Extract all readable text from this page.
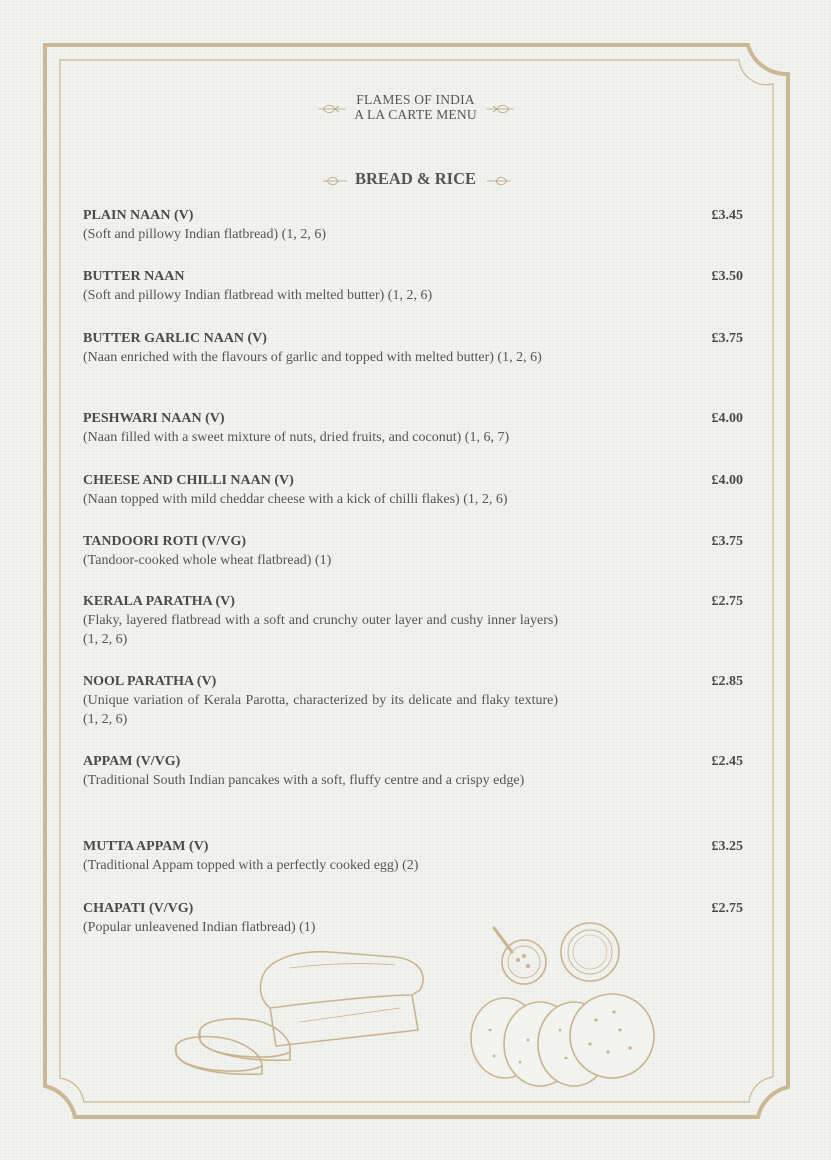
FLAMES OF INDIA
A LA CARTE MENU
BREAD & RICE
PLAIN NAAN (V)
(Soft and pillowy Indian flatbread) (1, 2, 6)
£3.45
BUTTER NAAN
(Soft and pillowy Indian flatbread with melted butter) (1, 2, 6)
£3.50
BUTTER GARLIC NAAN (V)
(Naan enriched with the flavours of garlic and topped with melted butter) (1, 2, 6)
£3.75
PESHWARI NAAN (V)
(Naan filled with a sweet mixture of nuts, dried fruits, and coconut) (1, 6, 7)
£4.00
CHEESE AND CHILLI NAAN (V)
(Naan topped with mild cheddar cheese with a kick of chilli flakes) (1, 2, 6)
£4.00
TANDOORI ROTI (V/VG)
(Tandoor-cooked whole wheat flatbread) (1)
£3.75
KERALA PARATHA (V)
(Flaky, layered flatbread with a soft and crunchy outer layer and cushy inner layers) (1, 2, 6)
£2.75
NOOL PARATHA (V)
(Unique variation of Kerala Parotta, characterized by its delicate and flaky texture) (1, 2, 6)
£2.85
APPAM (V/VG)
(Traditional South Indian pancakes with a soft, fluffy centre and a crispy edge)
£2.45
MUTTA APPAM (V)
(Traditional Appam topped with a perfectly cooked egg) (2)
£3.25
CHAPATI (V/VG)
(Popular unleavened Indian flatbread) (1)
£2.75
